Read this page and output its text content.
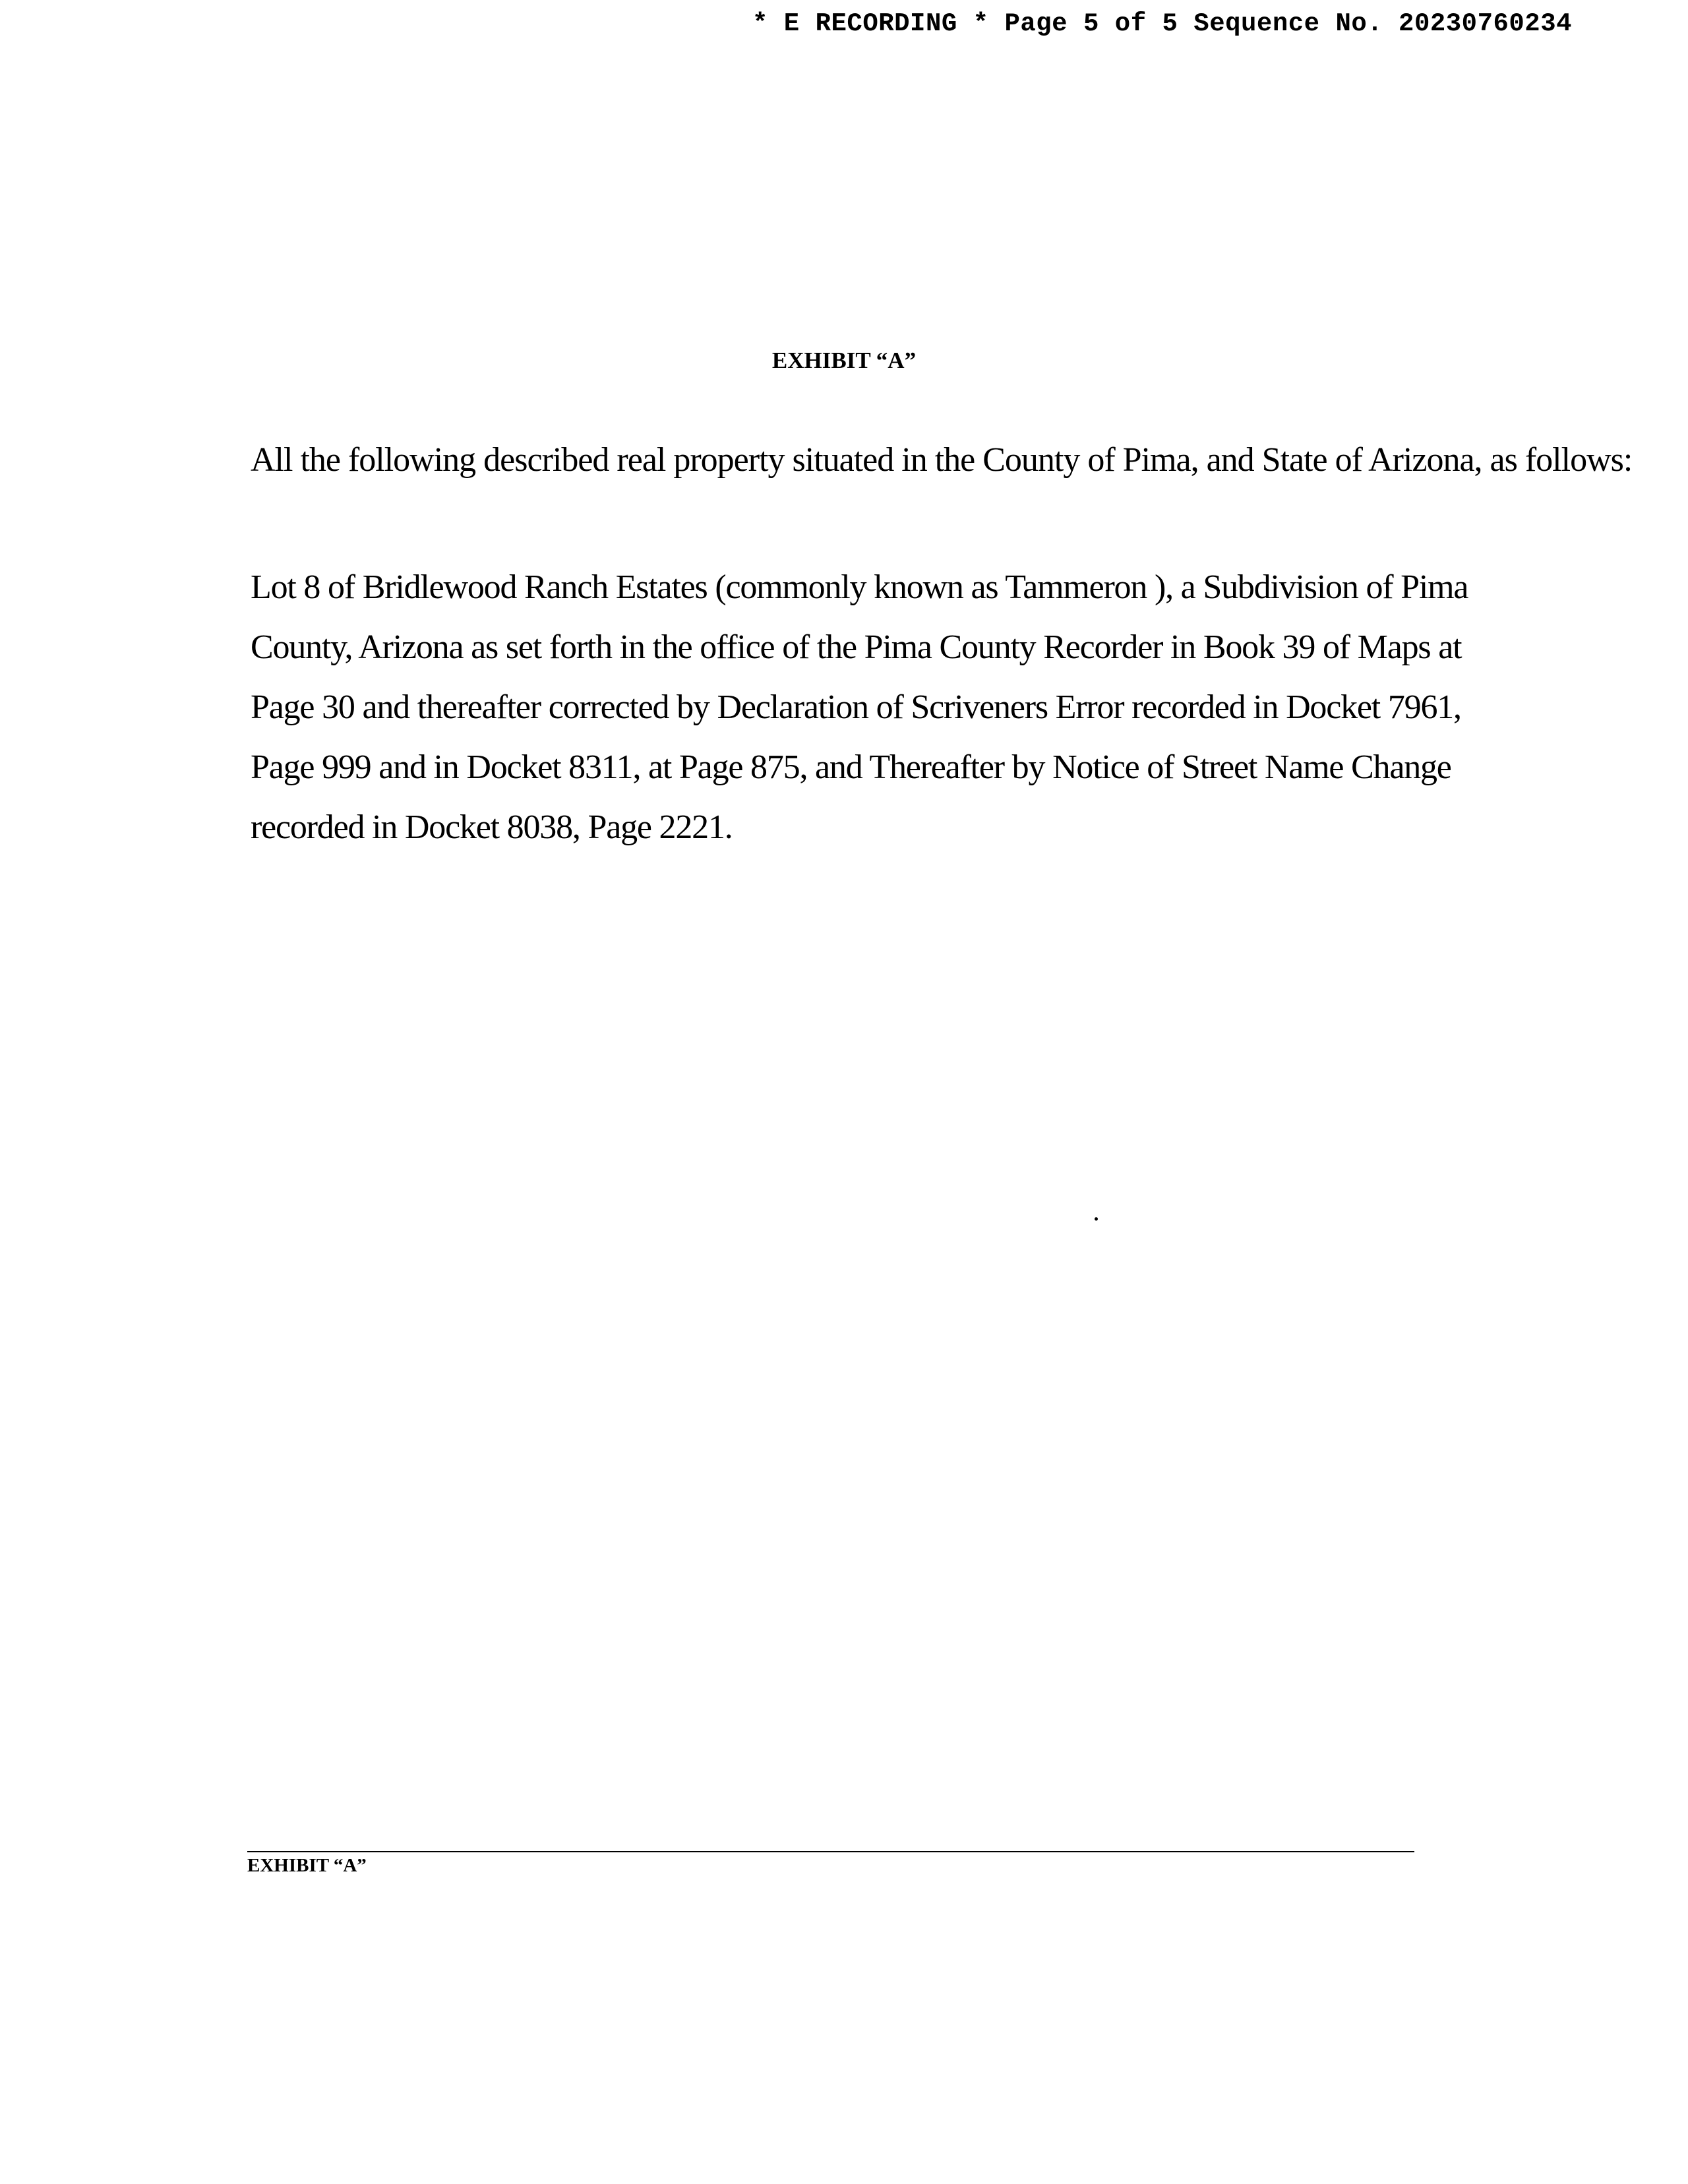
* E RECORDING * Page 5 of 5 Sequence No. 20230760234
EXHIBIT “A”
All the following described real property situated in the County of Pima, and State of Arizona, as follows:

Lot 8 of Bridlewood Ranch Estates (commonly known as Tammeron ), a Subdivision of Pima County, Arizona as set forth in the office of the Pima County Recorder in Book 39 of Maps at Page 30 and thereafter corrected by Declaration of Scriveners Error recorded in Docket 7961, Page 999 and in Docket 8311, at Page 875, and Thereafter by Notice of Street Name Change recorded in Docket 8038, Page 2221.

EXHIBIT “A”
